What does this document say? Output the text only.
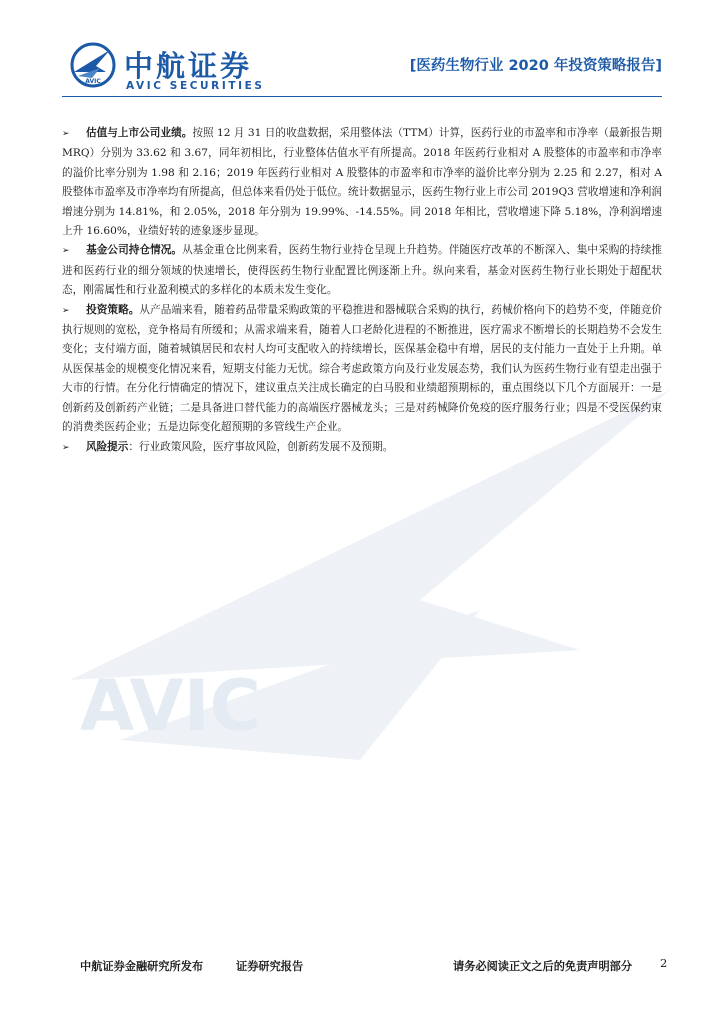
AVIC 中航证券
AVIC SECURITIES
[医药生物行业 2020 年投资策略报告]
AVIC

➢ 估值与上市公司业绩。按照 12 月 31 日的收盘数据，采用整体法（TTM）计算，医药行业的市盈率和市净率（最新报告期MRQ）分别为 33.62 和 3.67，同年初相比，行业整体估值水平有所提高。2018 年医药行业相对 A 股整体的市盈率和市净率的溢价比率分别为 1.98 和 2.16；2019 年医药行业相对 A 股整体的市盈率和市净率的溢价比率分别为 2.25 和 2.27，相对 A 股整体市盈率及市净率均有所提高，但总体来看仍处于低位。统计数据显示，医药生物行业上市公司 2019Q3 营收增速和净利润增速分别为 14.81%，和 2.05%，2018 年分别为 19.99%、-14.55%。同 2018 年相比，营收增速下降 5.18%，净利润增速上升 16.60%，业绩好转的迹象逐步显现。

➢ 基金公司持仓情况。从基金重仓比例来看，医药生物行业持仓呈现上升趋势。伴随医疗改革的不断深入、集中采购的持续推进和医药行业的细分领域的快速增长，使得医药生物行业配置比例逐渐上升。纵向来看，基金对医药生物行业长期处于超配状态，刚需属性和行业盈利模式的多样化的本质未发生变化。

➢ 投资策略。从产品端来看，随着药品带量采购政策的平稳推进和器械联合采购的执行，药械价格向下的趋势不变，伴随竞价执行规则的宽松，竞争格局有所缓和；从需求端来看，随着人口老龄化进程的不断推进，医疗需求不断增长的长期趋势不会发生变化；支付端方面，随着城镇居民和农村人均可支配收入的持续增长，医保基金稳中有增，居民的支付能力一直处于上升期。单从医保基金的规模变化情况来看，短期支付能力无忧。综合考虑政策方向及行业发展态势，我们认为医药生物行业有望走出强于大市的行情。在分化行情确定的情况下，建议重点关注成长确定的白马股和业绩超预期标的，重点围绕以下几个方面展开：一是创新药及创新药产业链；二是具备进口替代能力的高端医疗器械龙头；三是对药械降价免疫的医疗服务行业；四是不受医保约束的消费类医药企业；五是边际变化超预期的多管线生产企业。

➢ 风险提示：行业政策风险，医疗事故风险，创新药发展不及预期。

中航证券金融研究所发布	证券研究报告	请务必阅读正文之后的免责声明部分 2
